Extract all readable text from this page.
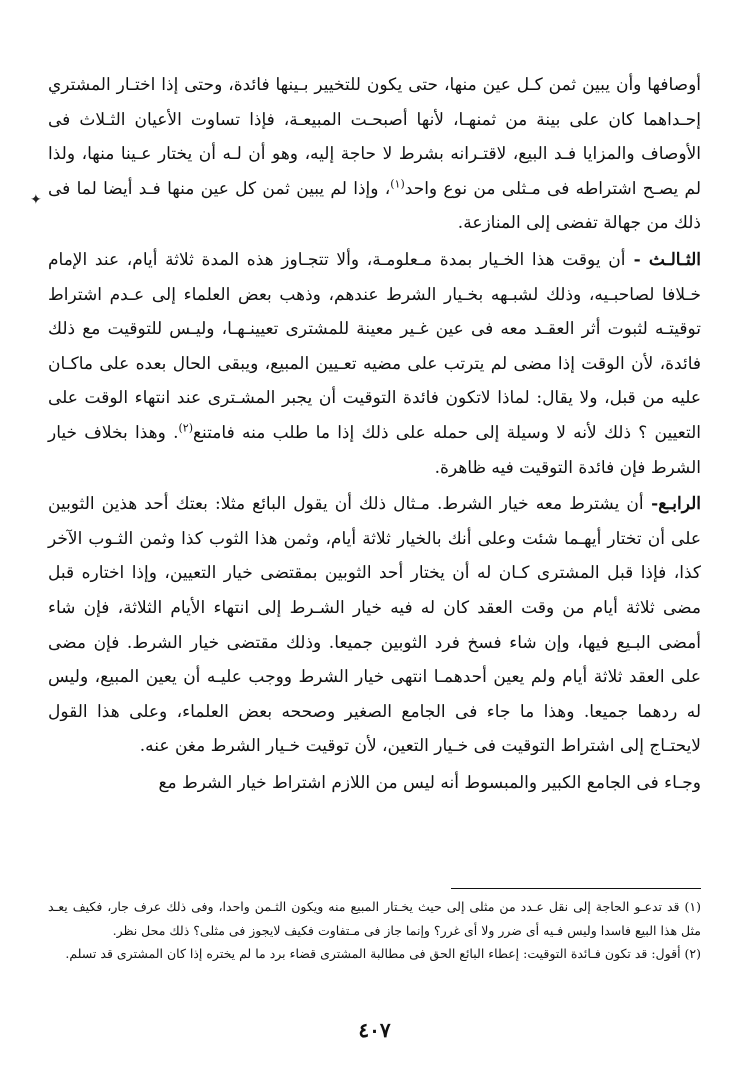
أوصافها وأن يبين ثمن كـل عين منها، حتى يكون للتخيير بـينها فائدة، وحتى إذا اختـار المشتري إحـداهما كان على بينة من ثمنهـا، لأنها أصبحـت المبيعـة، فإذا تساوت الأعيان الثـلاث فى الأوصاف والمزايا فـد البيع، لاقتـرانه بشرط لا حاجة إليه، وهو أن لـه أن يختار عـينا منها، ولذا لم يصـح اشتراطه فى مـثلى من نوع واحد$^{(١)}$، وإذا لم يبين ثمن كل عين منها فـد أيضا لما فى ذلك من جهالة تفضى إلى المنازعة.

الثـالـث - أن يوقت هذا الخـيار بمدة مـعلومـة، وألا تتجـاوز هذه المدة ثلاثة أيام، عند الإمام خـلافا لصاحبـيه، وذلك لشبـهه بخـيار الشرط عندهم، وذهب بعض العلماء إلى عـدم اشتراط توقيتـه لثبوت أثر العقـد معه فى عين غـير معينة للمشترى تعيينـهـا، وليـس للتوقيت مع ذلك فائدة، لأن الوقت إذا مضى لم يترتب على مضيه تعـيين المبيع، ويبقى الحال بعده على ماكـان عليه من قبل، ولا يقال: لماذا لاتكون فائدة التوقيت أن يجبر المشـترى عند انتهاء الوقت على التعيين ؟ ذلك لأنه لا وسيلة إلى حمله على ذلك إذا ما طلب منه فامتنع$^{(٢)}$. وهذا بخلاف خيار الشرط فإن فائدة التوقيت فيه ظاهرة.

الرابـع- أن يشترط معه خيار الشرط. مـثال ذلك أن يقول البائع مثلا: بعتك أحد هذين الثوبين على أن تختار أيهـما شئت وعلى أنك بالخيار ثلاثة أيام، وثمن هذا الثوب كذا وثمن الثـوب الآخر كذا، فإذا قبل المشترى كـان له أن يختار أحد الثوبين بمقتضى خيار التعيين، وإذا اختاره قبل مضى ثلاثة أيام من وقت العقد كان له فيه خيار الشـرط إلى انتهاء الأيام الثلاثة، فإن شاء أمضى البـيع فيها، وإن شاء فسخ فرد الثوبين جميعا. وذلك مقتضى خيار الشرط. فإن مضى على العقد ثلاثة أيام ولم يعين أحدهمـا انتهى خيار الشرط ووجب عليـه أن يعين المبيع، وليس له ردهما جميعا. وهذا ما جاء فى الجامع الصغير وصححه بعض العلماء، وعلى هذا القول لايحتـاج إلى اشتراط التوقيت فى خـيار التعين، لأن توقيت خـيار الشرط مغن عنه.

وجـاء فى الجامع الكبير والمبسوط أنه ليس من اللازم اشتراط خيار الشرط مع

✦

(١) قد تدعـو الحاجة إلى نقل عـدد من مثلى إلى حيث يخـتار المبيع منه ويكون الثـمن واحدا، وفى ذلك عرف جار، فكيف يعـد مثل هذا البيع فاسدا وليس فـيه أى ضرر ولا أى غرر؟ وإنما جاز فى مـتفاوت فكيف لايجوز فى مثلى؟ ذلك محل نظر.

(٢) أقول: قد تكون فـائدة التوقيت: إعطاء البائع الحق فى مطالبة المشترى قضاء برد ما لم يختره إذا كان المشترى قد تسلم.

٤٠٧
